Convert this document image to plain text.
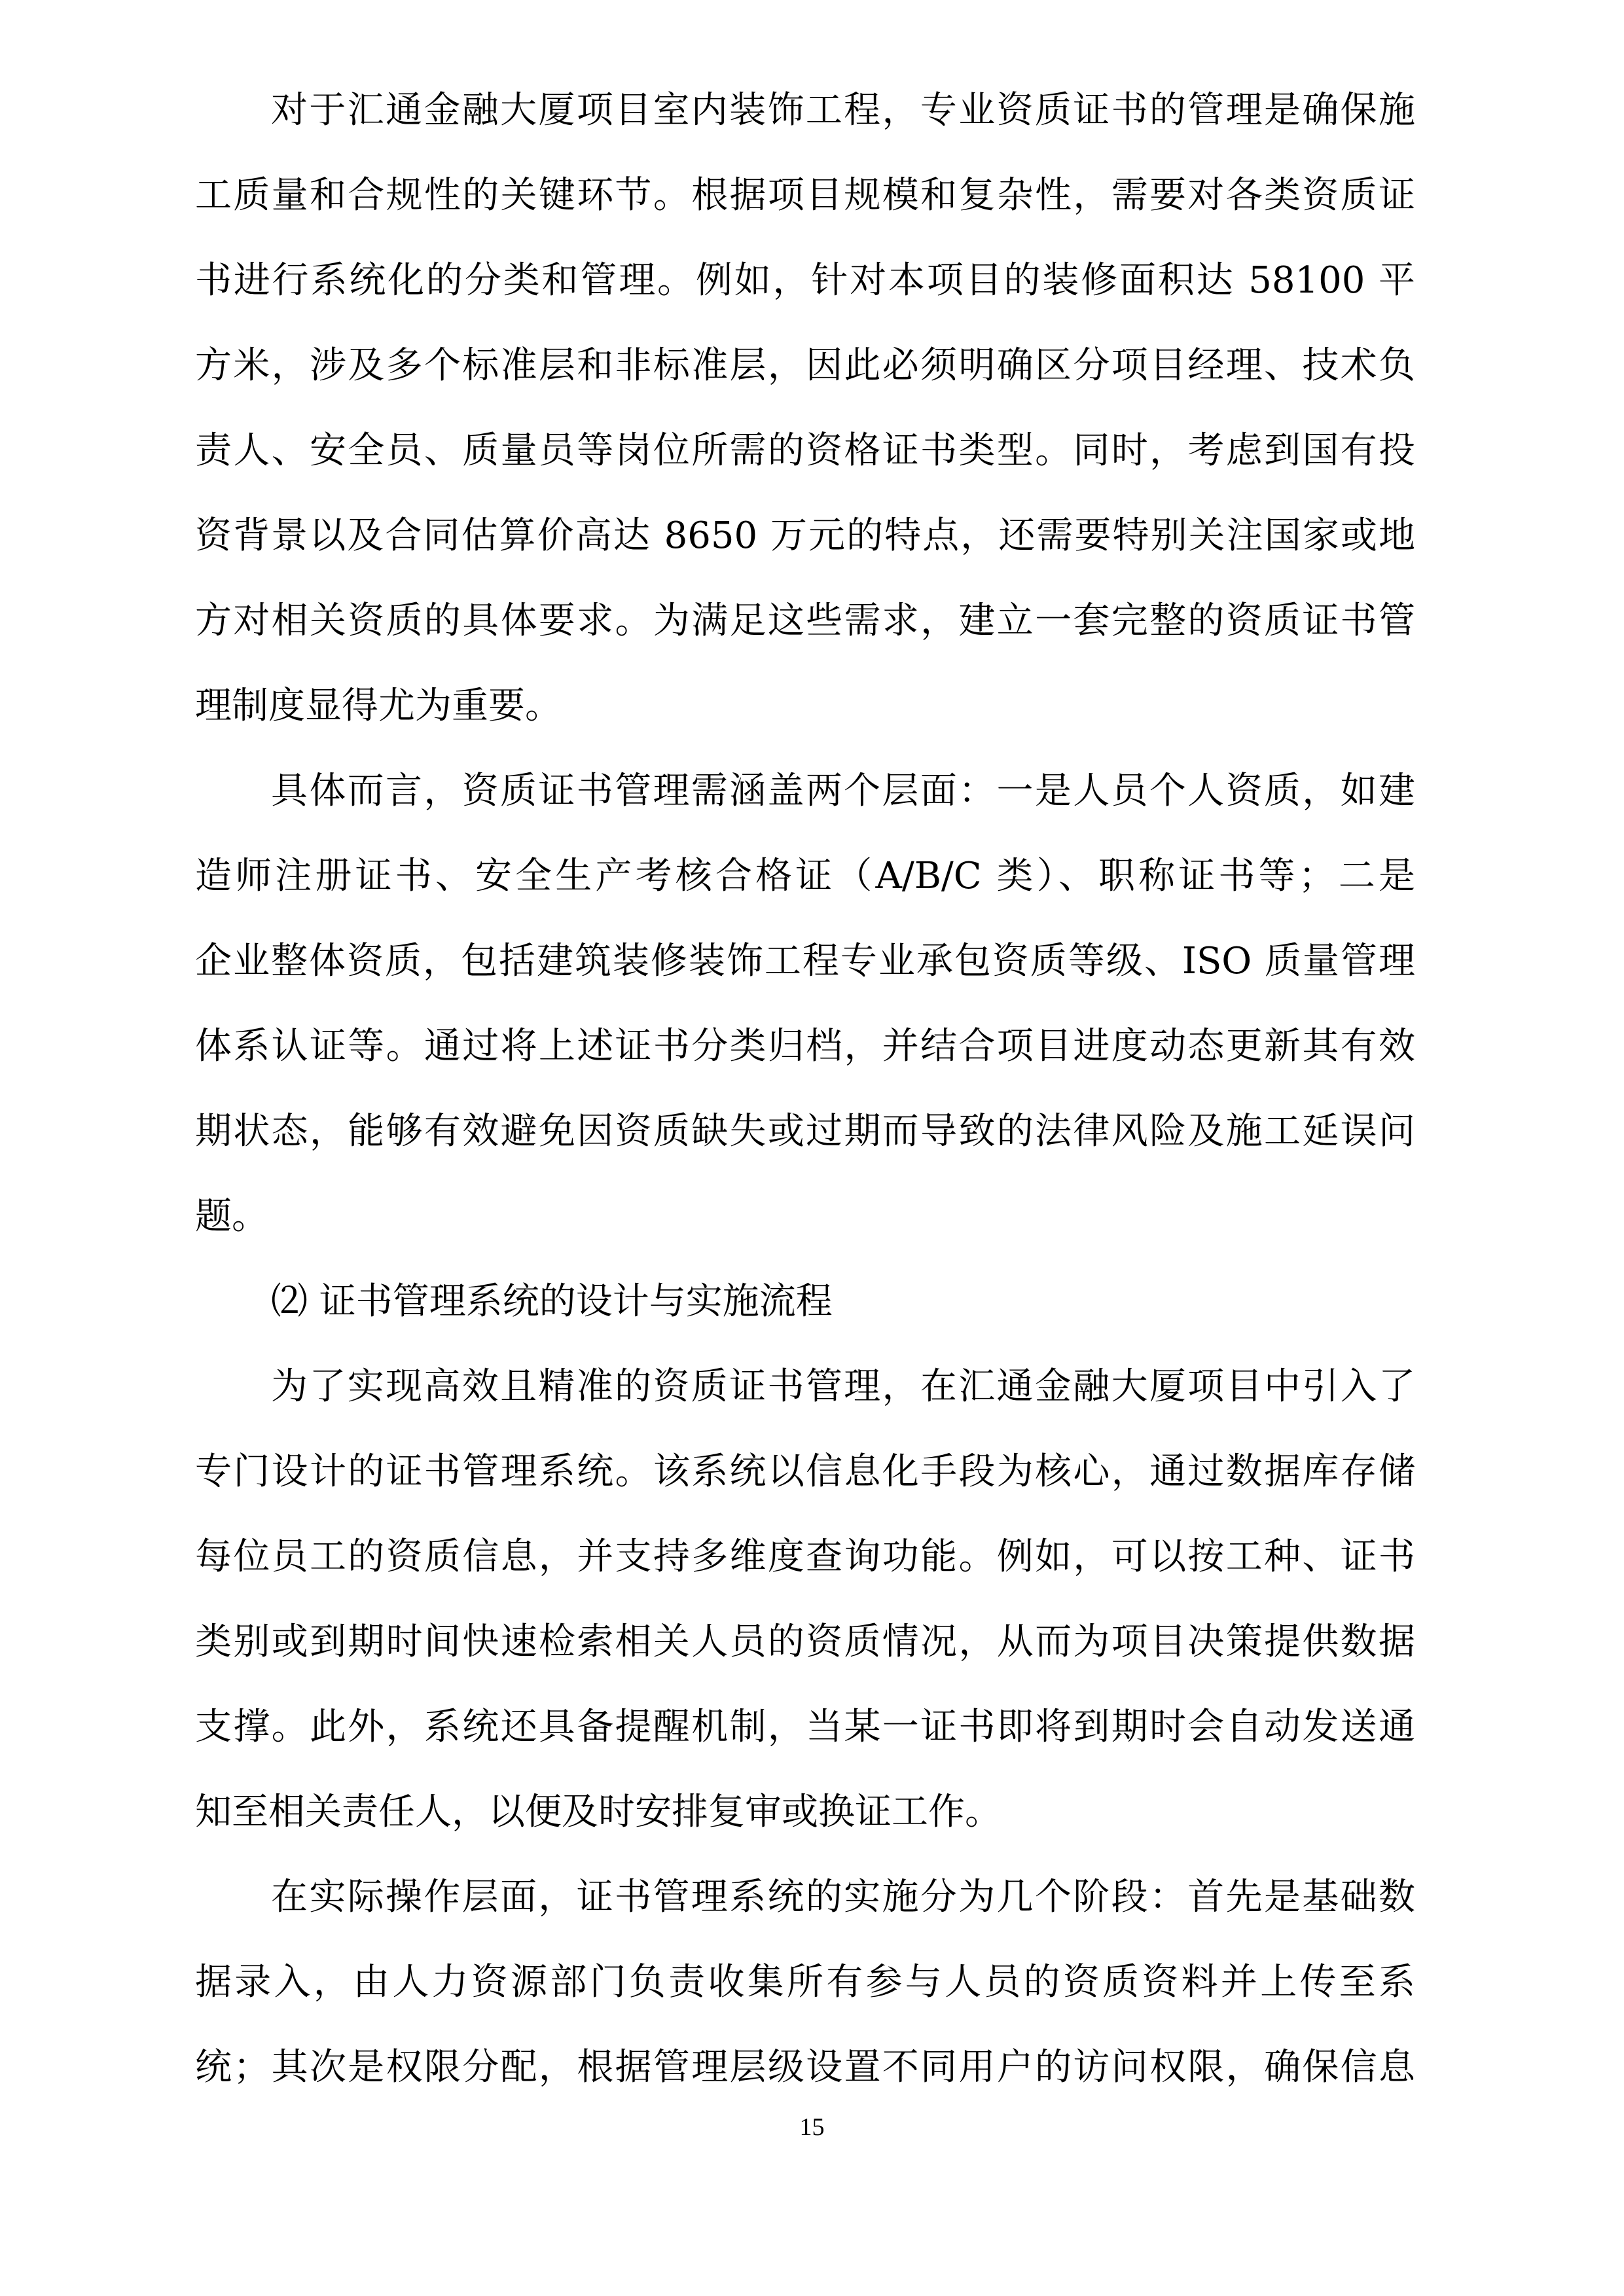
对于汇通金融大厦项目室内装饰工程，专业资质证书的管理是确保施
工质量和合规性的关键环节。根据项目规模和复杂性，需要对各类资质证
书进行系统化的分类和管理。例如，针对本项目的装修面积达 58100 平
方米，涉及多个标准层和非标准层，因此必须明确区分项目经理、技术负
责人、安全员、质量员等岗位所需的资格证书类型。同时，考虑到国有投
资背景以及合同估算价高达 8650 万元的特点，还需要特别关注国家或地
方对相关资质的具体要求。为满足这些需求，建立一套完整的资质证书管
理制度显得尤为重要。
具体而言，资质证书管理需涵盖两个层面：一是人员个人资质，如建
造师注册证书、安全生产考核合格证（A/B/C 类）、职称证书等；二是
企业整体资质，包括建筑装修装饰工程专业承包资质等级、ISO 质量管理
体系认证等。通过将上述证书分类归档，并结合项目进度动态更新其有效
期状态，能够有效避免因资质缺失或过期而导致的法律风险及施工延误问
题。
⑵ 证书管理系统的设计与实施流程
为了实现高效且精准的资质证书管理，在汇通金融大厦项目中引入了
专门设计的证书管理系统。该系统以信息化手段为核心，通过数据库存储
每位员工的资质信息，并支持多维度查询功能。例如，可以按工种、证书
类别或到期时间快速检索相关人员的资质情况，从而为项目决策提供数据
支撑。此外，系统还具备提醒机制，当某一证书即将到期时会自动发送通
知至相关责任人，以便及时安排复审或换证工作。
在实际操作层面，证书管理系统的实施分为几个阶段：首先是基础数
据录入，由人力资源部门负责收集所有参与人员的资质资料并上传至系
统；其次是权限分配，根据管理层级设置不同用户的访问权限，确保信息
15
